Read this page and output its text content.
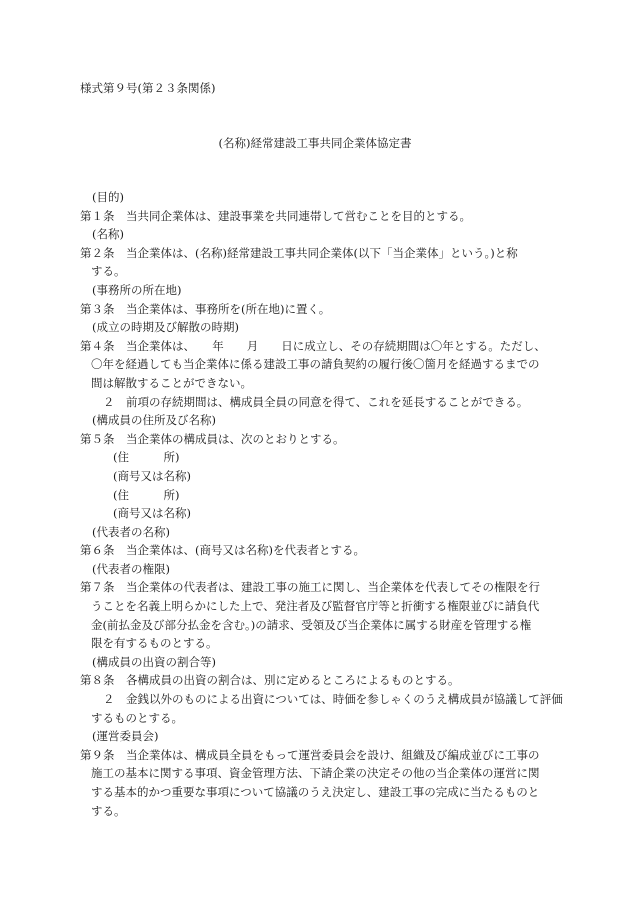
様式第９号(第２３条関係)
(名称)経常建設工事共同企業体協定書
(目的)
第１条　当共同企業体は、建設事業を共同連帯して営むことを目的とする。
(名称)
第２条　当企業体は、(名称)経常建設工事共同企業体(以下「当企業体」という。)と称
する。
(事務所の所在地)
第３条　当企業体は、事務所を(所在地)に置く。
(成立の時期及び解散の時期)
第４条　当企業体は、　　年　　月　　日に成立し、その存続期間は〇年とする。ただし、
〇年を経過しても当企業体に係る建設工事の請負契約の履行後〇箇月を経過するまでの
間は解散することができない。
２　前項の存続期間は、構成員全員の同意を得て、これを延長することができる。
(構成員の住所及び名称)
第５条　当企業体の構成員は、次のとおりとする。
(住　　　所)
(商号又は名称)
(住　　　所)
(商号又は名称)
(代表者の名称)
第６条　当企業体は、(商号又は名称)を代表者とする。
(代表者の権限)
第７条　当企業体の代表者は、建設工事の施工に関し、当企業体を代表してその権限を行
うことを名義上明らかにした上で、発注者及び監督官庁等と折衝する権限並びに請負代
金(前払金及び部分払金を含む。)の請求、受領及び当企業体に属する財産を管理する権
限を有するものとする。
(構成員の出資の割合等)
第８条　各構成員の出資の割合は、別に定めるところによるものとする。
２　金銭以外のものによる出資については、時価を参しゃくのうえ構成員が協議して評価
するものとする。
(運営委員会)
第９条　当企業体は、構成員全員をもって運営委員会を設け、組織及び編成並びに工事の
施工の基本に関する事項、資金管理方法、下請企業の決定その他の当企業体の運営に関
する基本的かつ重要な事項について協議のうえ決定し、建設工事の完成に当たるものと
する。
